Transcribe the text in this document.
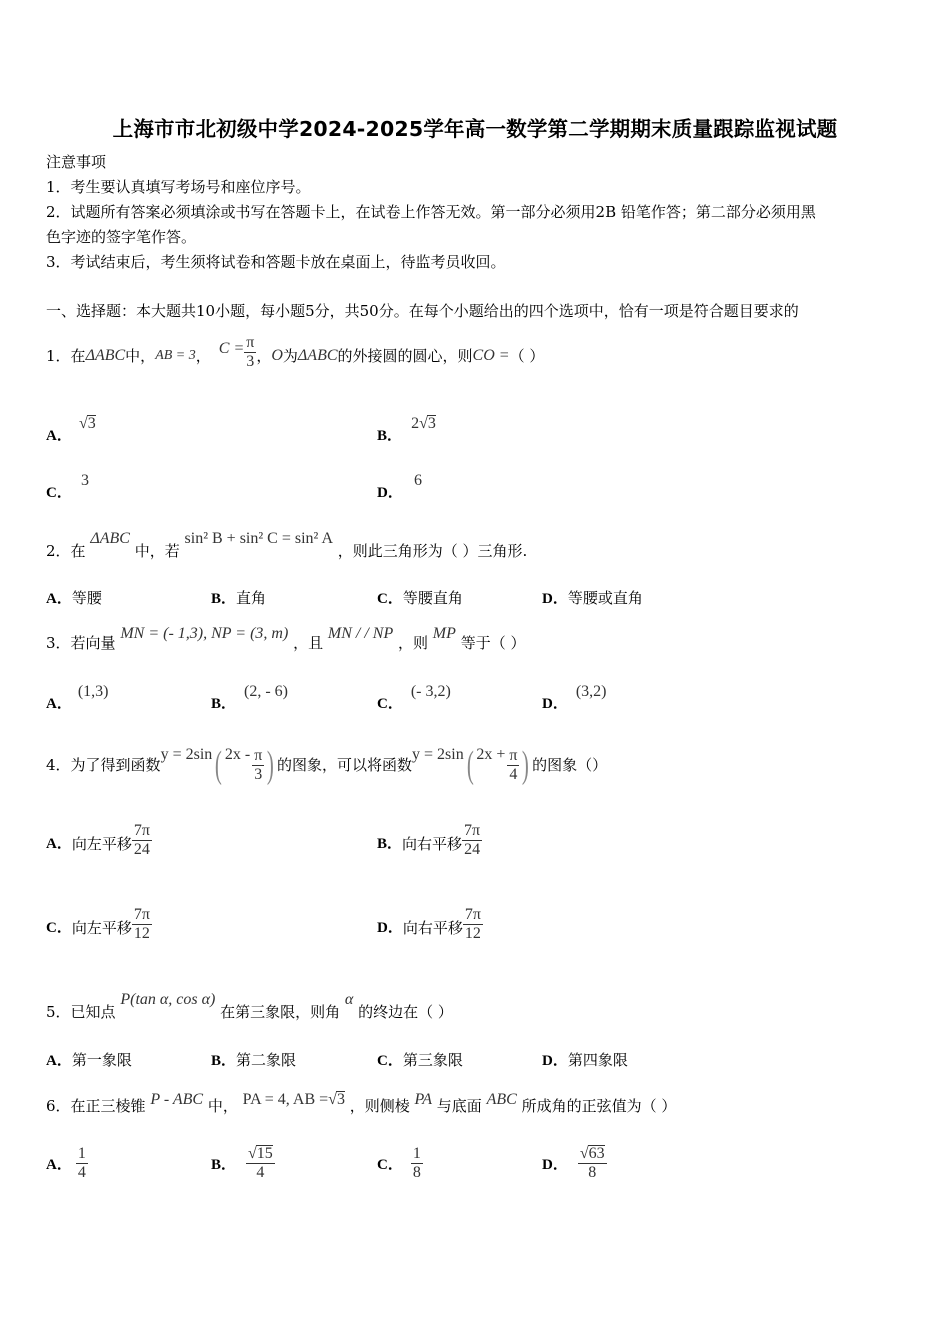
上海市市北初级中学2024-2025学年高一数学第二学期期末质量跟踪监视试题
注意事项
1．考生要认真填写考场号和座位序号。
2．试题所有答案必须填涂或书写在答题卡上，在试卷上作答无效。第一部分必须用2B 铅笔作答；第二部分必须用黑
色字迹的签字笔作答。
3．考试结束后，考生须将试卷和答题卡放在桌面上，待监考员收回。
一、选择题：本大题共10小题，每小题5分，共50分。在每个小题给出的四个选项中，恰有一项是符合题目要求的
1． 在 ΔABC 中， AB = 3 ， $C = \frac{\pi}{3}$ ， O 为 ΔABC 的外接圆的圆心，则 CO = （ ）
A． √3
B． 2√3
C． 3
D． 6
2．在 ΔABC 中，若 sin² B + sin² C = sin² A ，则此三角形为（ ）三角形.
A．等腰	B．直角	C．等腰直角	D．等腰或直角
3．若向量 MN = (- 1,3), NP = (3, m) ，且 MN / / NP ，则 MP 等于（ ）
A．(1,3)
B．(2, - 6)
C．(- 3,2)
D．(3,2)
4． 为了得到函数
y = 2sin ( $2x - \frac{\pi}{3}$ ) 的图象，可以将函数
y = 2sin ( $2x + \frac{\pi}{4}$ ) 的图象（）
A． 向左平移 $\frac{7\pi}{24}$	B． 向右平移 $\frac{7\pi}{24}$
C． 向左平移 $\frac{7\pi}{12}$	D． 向右平移 $\frac{7\pi}{12}$
5．已知点 P(tan α, cos α) 在第三象限，则角 α 的终边在（ ）
A．第一象限	B．第二象限	C．第三象限	D．第四象限
6．在正三棱锥 P - ABC 中， PA = 4, AB =√3 ，则侧棱 PA 与底面 ABC 所成角的正弦值为（ ）
A． $\frac{1}{4}$	B． $\frac{√15}{4}$	C． $\frac{1}{8}$	D． $\frac{√63}{8}$
